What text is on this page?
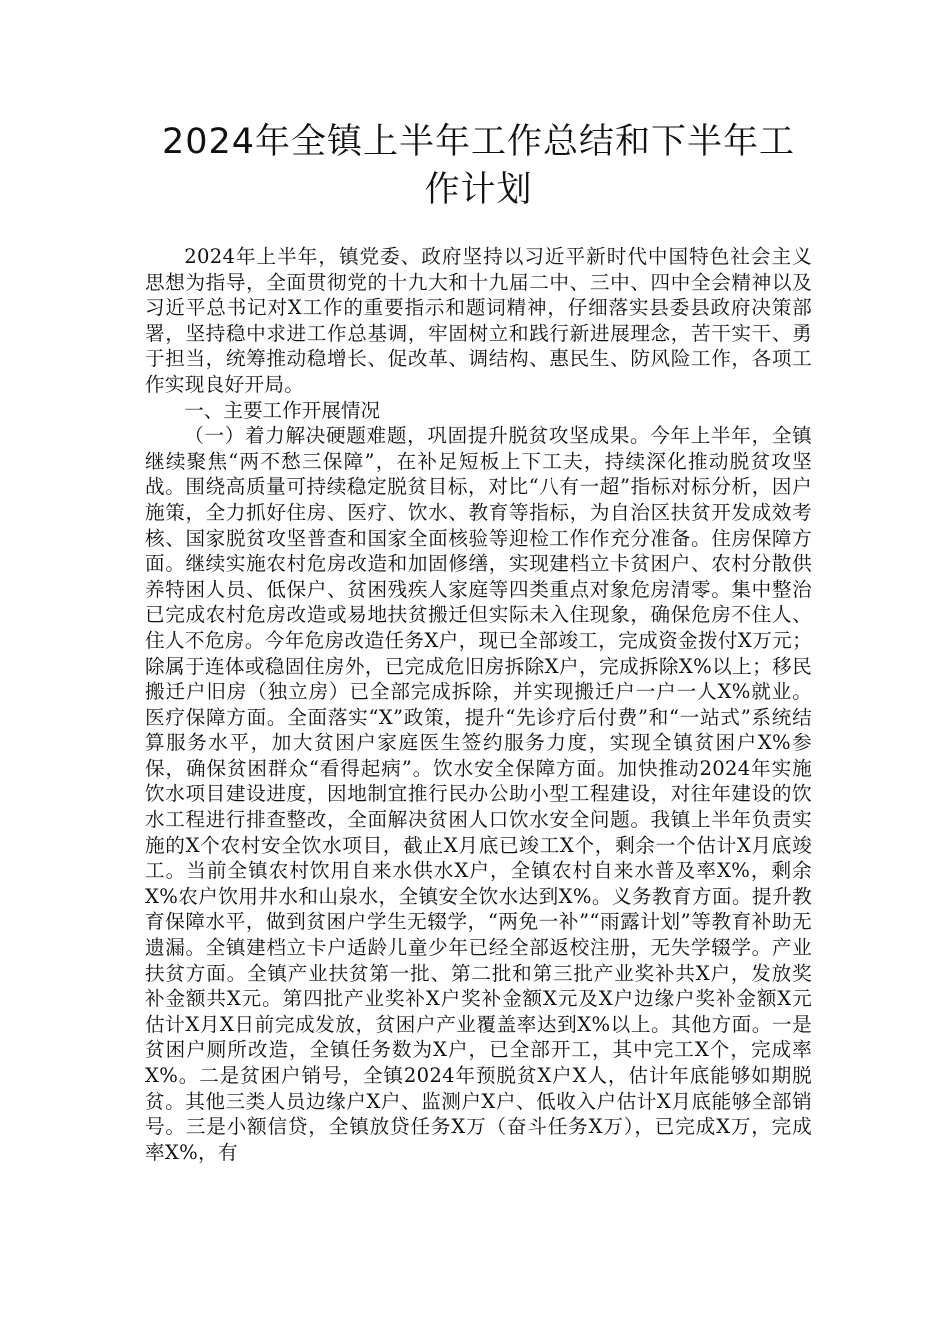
2024年全镇上半年工作总结和下半年工
作计划

2024年上半年，镇党委、政府坚持以习近平新时代中国特色社会主义思想为指导，全面贯彻党的十九大和十九届二中、三中、四中全会精神以及习近平总书记对X工作的重要指示和题词精神，仔细落实县委县政府决策部署，坚持稳中求进工作总基调，牢固树立和践行新进展理念，苦干实干、勇于担当，统筹推动稳增长、促改革、调结构、惠民生、防风险工作，各项工作实现良好开局。

一、主要工作开展情况

（一）着力解决硬题难题，巩固提升脱贫攻坚成果。今年上半年，全镇继续聚焦“两不愁三保障”，在补足短板上下工夫，持续深化推动脱贫攻坚战。围绕高质量可持续稳定脱贫目标，对比“八有一超”指标对标分析，因户施策，全力抓好住房、医疗、饮水、教育等指标，为自治区扶贫开发成效考核、国家脱贫攻坚普查和国家全面核验等迎检工作作充分准备。住房保障方面。继续实施农村危房改造和加固修缮，实现建档立卡贫困户、农村分散供养特困人员、低保户、贫困残疾人家庭等四类重点对象危房清零。集中整治已完成农村危房改造或易地扶贫搬迁但实际未入住现象，确保危房不住人、住人不危房。今年危房改造任务X户，现已全部竣工，完成资金拨付X万元；除属于连体或稳固住房外，已完成危旧房拆除X户，完成拆除X%以上；移民搬迁户旧房（独立房）已全部完成拆除，并实现搬迁户一户一人X%就业。医疗保障方面。全面落实“X”政策，提升“先诊疗后付费”和“一站式”系统结算服务水平，加大贫困户家庭医生签约服务力度，实现全镇贫困户X%参保，确保贫困群众“看得起病”。饮水安全保障方面。加快推动2024年实施饮水项目建设进度，因地制宜推行民办公助小型工程建设，对往年建设的饮水工程进行排查整改，全面解决贫困人口饮水安全问题。我镇上半年负责实施的X个农村安全饮水项目，截止X月底已竣工X个，剩余一个估计X月底竣工。当前全镇农村饮用自来水供水X户，全镇农村自来水普及率X%，剩余X%农户饮用井水和山泉水，全镇安全饮水达到X%。义务教育方面。提升教育保障水平，做到贫困户学生无辍学，“两免一补”“雨露计划”等教育补助无遗漏。全镇建档立卡户适龄儿童少年已经全部返校注册，无失学辍学。产业扶贫方面。全镇产业扶贫第一批、第二批和第三批产业奖补共X户，发放奖补金额共X元。第四批产业奖补X户奖补金额X元及X户边缘户奖补金额X元估计X月X日前完成发放，贫困户产业覆盖率达到X%以上。其他方面。一是贫困户厕所改造，全镇任务数为X户，已全部开工，其中完工X个，完成率X%。二是贫困户销号，全镇2024年预脱贫X户X人，估计年底能够如期脱贫。其他三类人员边缘户X户、监测户X户、低收入户估计X月底能够全部销号。三是小额信贷，全镇放贷任务X万（奋斗任务X万），已完成X万，完成率X%，有
